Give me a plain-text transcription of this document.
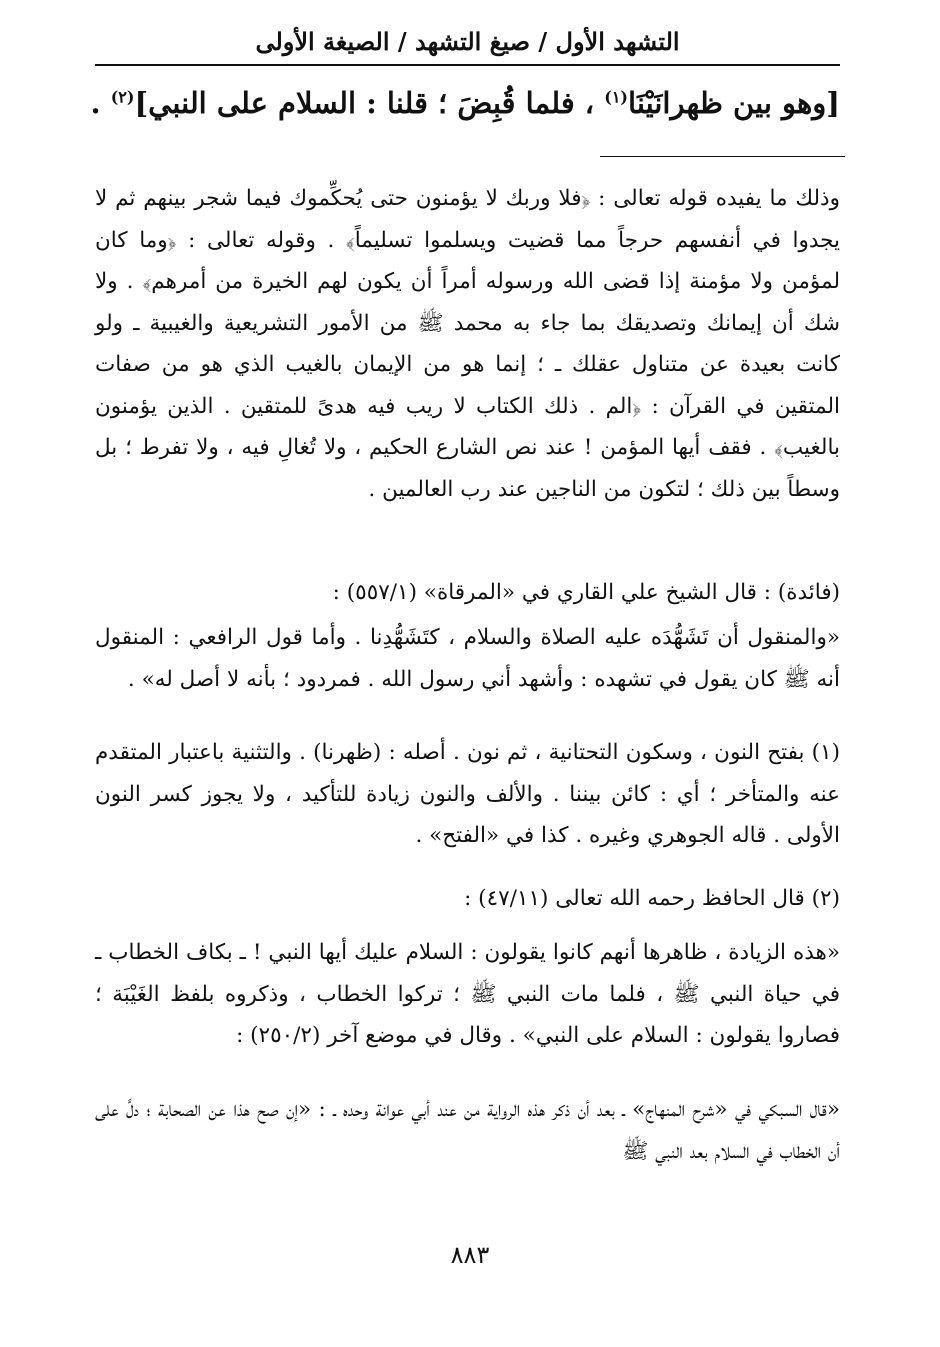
التشهد الأول / صيغ التشهد / الصيغة الأولى
[وهو بين ظهرانَيْنَا$^{(١)}$ ، فلما قُبِضَ ؛ قلنا : السلام على النبي]$^{(٢)}$ .

وذلك ما يفيده قوله تعالى : ﴿فلا وربك لا يؤمنون حتى يُحكِّموك فيما شجر بينهم ثم لا يجدوا في أنفسهم حرجاً مما قضيت ويسلموا تسليماً﴾ . وقوله تعالى : ﴿وما كان لمؤمن ولا مؤمنة إذا قضى الله ورسوله أمراً أن يكون لهم الخيرة من أمرهم﴾ . ولا شك أن إيمانك وتصديقك بما جاء به محمد ﷺ من الأمور التشريعية والغيبية ـ ولو كانت بعيدة عن متناول عقلك ـ ؛ إنما هو من الإيمان بالغيب الذي هو من صفات المتقين في القرآن : ﴿الم . ذلك الكتاب لا ريب فيه هدىً للمتقين . الذين يؤمنون بالغيب﴾ . فقف أيها المؤمن ! عند نص الشارع الحكيم ، ولا تُغالِ فيه ، ولا تفرط ؛ بل وسطاً بين ذلك ؛ لتكون من الناجين عند رب العالمين .

(فائدة) : قال الشيخ علي القاري في «المرقاة» (٥٥٧/١) :

«والمنقول أن تَشَهُّدَه عليه الصلاة والسلام ، كتَشَهُّدِنا . وأما قول الرافعي : المنقول أنه ﷺ كان يقول في تشهده : وأشهد أني رسول الله . فمردود ؛ بأنه لا أصل له» .

(١) بفتح النون ، وسكون التحتانية ، ثم نون . أصله : (ظهرنا) . والتثنية باعتبار المتقدم عنه والمتأخر ؛ أي : كائن بيننا . والألف والنون زيادة للتأكيد ، ولا يجوز كسر النون الأولى . قاله الجوهري وغيره . كذا في «الفتح» .

(٢) قال الحافظ رحمه الله تعالى (٤٧/١١) :

«هذه الزيادة ، ظاهرها أنهم كانوا يقولون : السلام عليك أيها النبي ! ـ بكاف الخطاب ـ في حياة النبي ﷺ ، فلما مات النبي ﷺ ؛ تركوا الخطاب ، وذكروه بلفظ الغَيْبَة ؛ فصاروا يقولون : السلام على النبي» . وقال في موضع آخر (٢٥٠/٢) :

«قال السبكي في «شرح المنهاج» ـ بعد أن ذكر هذه الرواية من عند أبي عوانة وحده ـ : «إن صح هذا عن الصحابة ؛ دلَّ على أن الخطاب في السلام بعد النبي ﷺ

٨٨٣
